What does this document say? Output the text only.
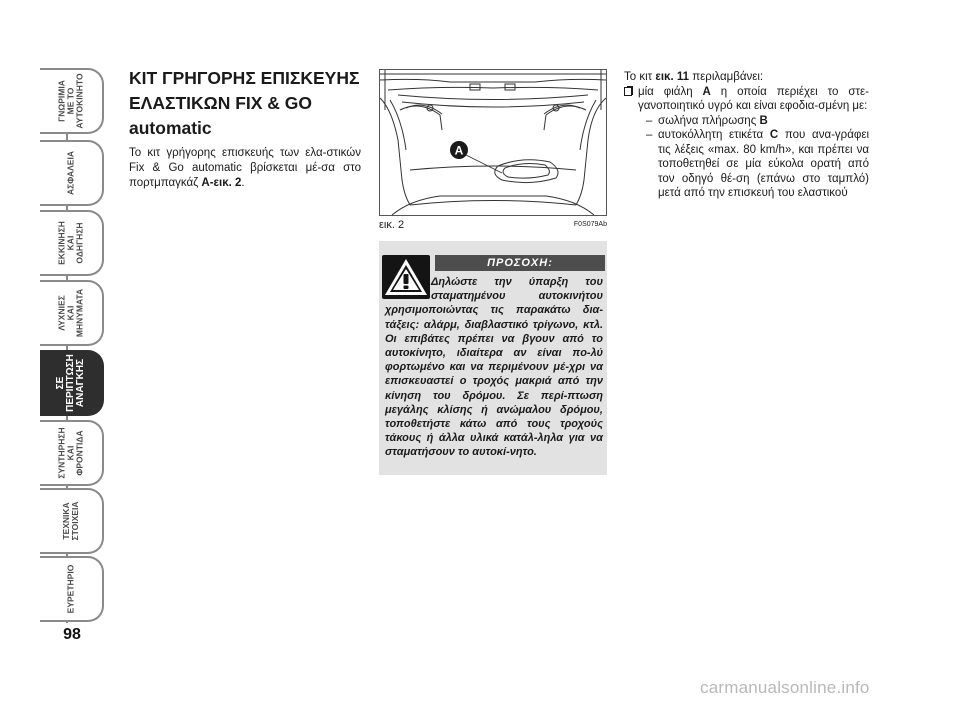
ΓΝΩΡΙΜΙΑ
ΜΕ ΤΟ
ΑΥΤΟΚΙΝΗΤΟ
ΑΣΦΑΛΕΙΑ
ΕΚΚΙΝΗΣΗ
ΚΑΙ
ΟΔΗΓΗΣΗ
ΛΥΧΝΙΕΣ
ΚΑΙ
ΜΗΝΥΜΑΤΑ
ΣΕ
ΠΕΡΙΠΤΩΣΗ
ΑΝΑΓΚΗΣ
ΣΥΝΤΗΡΗΣΗ
ΚΑΙ
ΦΡΟΝΤΙΔΑ
ΤΕΧΝΙΚΑ
ΣΤΟΙΧΕΙΑ
ΕΥΡΕΤΗΡΙΟ
98
ΚΙΤ ΓΡΗΓΟΡΗΣ ΕΠΙΣΚΕΥΗΣ
ΕΛΑΣΤΙΚΩΝ FIX & GO
automatic
Το κιτ γρήγορης επισκευής των ελα-στικών Fix & Go automatic βρίσκεται μέ-σα στο πορτμπαγκάζ A-εικ. 2.
A
εικ. 2	F0S079Ab
ΠΡΟΣΟΧΗ:
Δηλώστε την ύπαρξη του σταματημένου αυτοκινήτου χρησιμοποιώντας τις παρακάτω δια-τάξεις: αλάρμ, διαβλαστικό τρίγωνο, κτλ. Οι επιβάτες πρέπει να βγουν από το αυτοκίνητο, ιδιαίτερα αν είναι πο-λύ φορτωμένο και να περιμένουν μέ-χρι να επισκευαστεί ο τροχός μακριά από την κίνηση του δρόμου. Σε περί-πτωση μεγάλης κλίσης ή ανώμαλου δρόμου, τοποθετήστε κάτω από τους τροχούς τάκους ή άλλα υλικά κατάλ-ληλα για να σταματήσουν το αυτοκί-νητο.
Το κιτ εικ. 11 περιλαμβάνει:
μία φιάλη A η οποία περιέχει το στε-γανοποιητικό υγρό και είναι εφοδια-σμένη με:
– σωλήνα πλήρωσης B
– αυτοκόλλητη ετικέτα C που ανα-γράφει τις λέξεις «max. 80 km/h», και πρέπει να τοποθετηθεί σε μία εύκολα ορατή από τον οδηγό θέ-ση (επάνω στο ταμπλό) μετά από την επισκευή του ελαστικού
carmanualsonline.info
